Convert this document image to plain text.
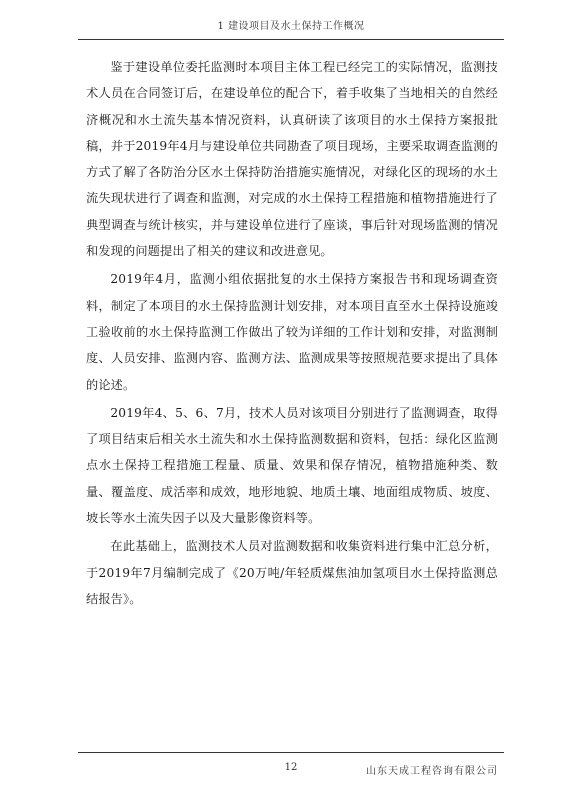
1 建设项目及水土保持工作概况

鉴于建设单位委托监测时本项目主体工程已经完工的实际情况，监测技术人员在合同签订后，在建设单位的配合下，着手收集了当地相关的自然经济概况和水土流失基本情况资料，认真研读了该项目的水土保持方案报批稿，并于2019年4月与建设单位共同勘查了项目现场，主要采取调查监测的方式了解了各防治分区水土保持防治措施实施情况，对绿化区的现场的水土流失现状进行了调查和监测，对完成的水土保持工程措施和植物措施进行了典型调查与统计核实，并与建设单位进行了座谈，事后针对现场监测的情况和发现的问题提出了相关的建议和改进意见。

2019年4月，监测小组依据批复的水土保持方案报告书和现场调查资料，制定了本项目的水土保持监测计划安排，对本项目直至水土保持设施竣工验收前的水土保持监测工作做出了较为详细的工作计划和安排，对监测制度、人员安排、监测内容、监测方法、监测成果等按照规范要求提出了具体的论述。

2019年4、5、6、7月，技术人员对该项目分别进行了监测调查，取得了项目结束后相关水土流失和水土保持监测数据和资料，包括：绿化区监测点水土保持工程措施工程量、质量、效果和保存情况，植物措施种类、数量、覆盖度、成活率和成效，地形地貌、地质土壤、地面组成物质、坡度、坡长等水土流失因子以及大量影像资料等。

在此基础上，监测技术人员对监测数据和收集资料进行集中汇总分析，于2019年7月编制完成了《20万吨/年轻质煤焦油加氢项目水土保持监测总结报告》。

12	山东天成工程咨询有限公司
